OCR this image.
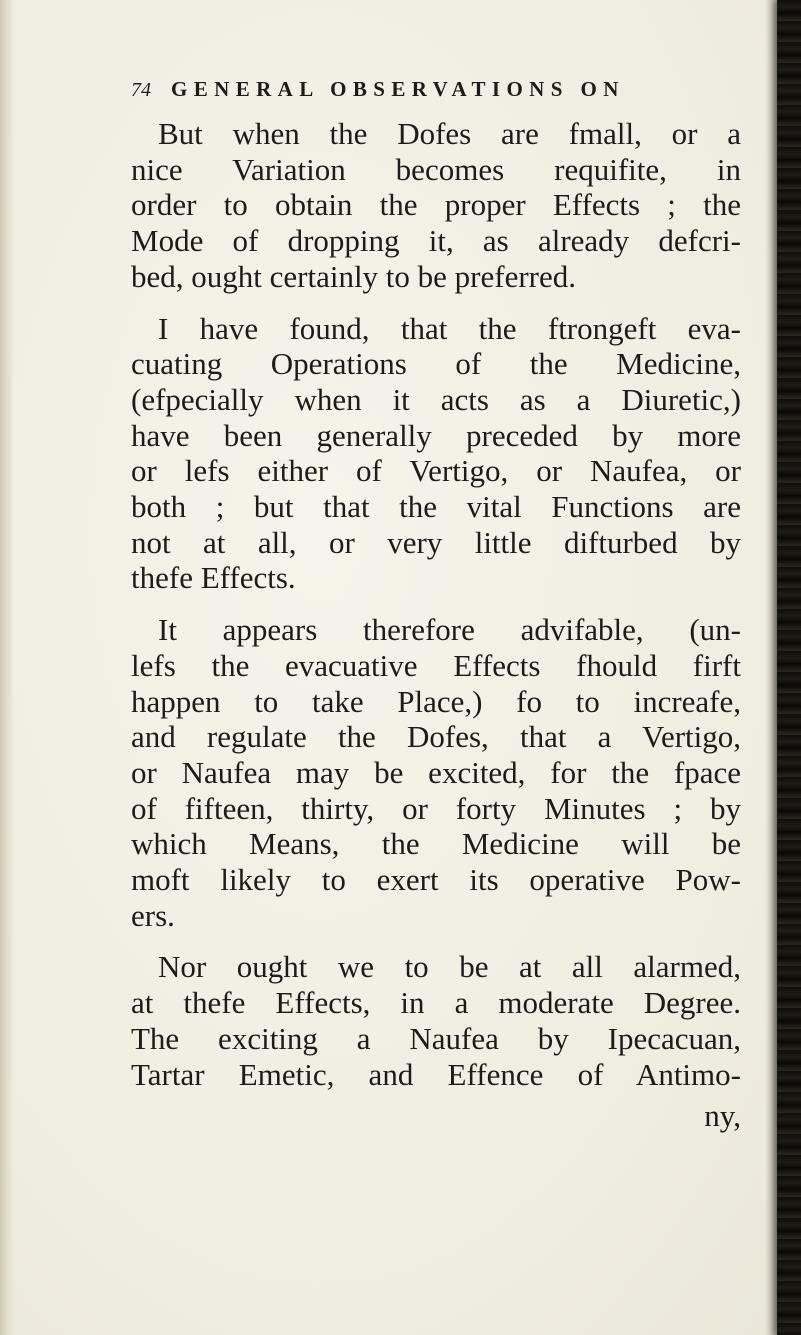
74 GENERAL OBSERVATIONS ON
But when the Dofes are fmall, or a
nice Variation becomes requifite, in
order to obtain the proper Effects ; the
Mode of dropping it, as already defcri-
bed, ought certainly to be preferred.
I have found, that the ftrongeft eva-
cuating Operations of the Medicine,
(efpecially when it acts as a Diuretic,)
have been generally preceded by more
or lefs either of Vertigo, or Naufea, or
both ; but that the vital Functions are
not at all, or very little difturbed by
thefe Effects.
It appears therefore advifable, (un-
lefs the evacuative Effects fhould firft
happen to take Place,) fo to increafe,
and regulate the Dofes, that a Vertigo,
or Naufea may be excited, for the fpace
of fifteen, thirty, or forty Minutes ; by
which Means, the Medicine will be
moft likely to exert its operative Pow-
ers.
Nor ought we to be at all alarmed,
at thefe Effects, in a moderate Degree.
The exciting a Naufea by Ipecacuan,
Tartar Emetic, and Effence of Antimo-
ny,
